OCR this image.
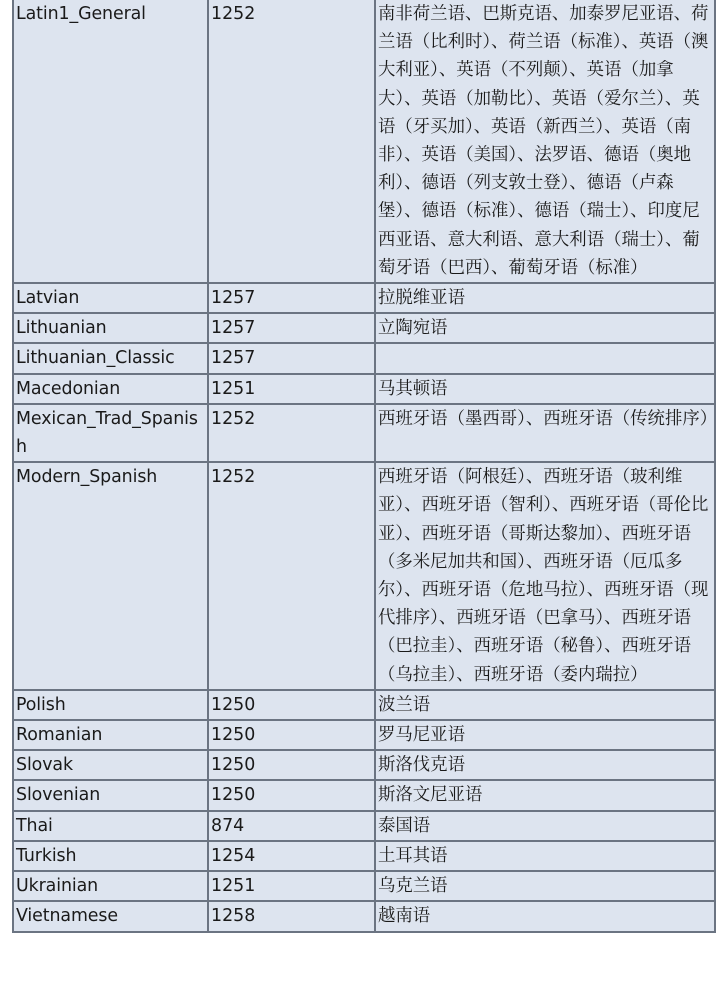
Latin1_General	1252	南非荷兰语、巴斯克语、加泰罗尼亚语、荷兰语（比利时）、荷兰语（标准）、英语（澳大利亚）、英语（不列颠）、英语（加拿大）、英语（加勒比）、英语（爱尔兰）、英语（牙买加）、英语（新西兰）、英语（南非）、英语（美国）、法罗语、德语（奥地利）、德语（列支敦士登）、德语（卢森堡）、德语（标准）、德语（瑞士）、印度尼西亚语、意大利语、意大利语（瑞士）、葡萄牙语（巴西）、葡萄牙语（标准）
Latvian	1257	拉脱维亚语
Lithuanian	1257	立陶宛语
Lithuanian_Classic	1257	
Macedonian	1251	马其顿语
Mexican_Trad_Spanish	1252	西班牙语（墨西哥）、西班牙语（传统排序）
Modern_Spanish	1252	西班牙语（阿根廷）、西班牙语（玻利维亚）、西班牙语（智利）、西班牙语（哥伦比亚）、西班牙语（哥斯达黎加）、西班牙语（多米尼加共和国）、西班牙语（厄瓜多尔）、西班牙语（危地马拉）、西班牙语（现代排序）、西班牙语（巴拿马）、西班牙语（巴拉圭）、西班牙语（秘鲁）、西班牙语（乌拉圭）、西班牙语（委内瑞拉）
Polish	1250	波兰语
Romanian	1250	罗马尼亚语
Slovak	1250	斯洛伐克语
Slovenian	1250	斯洛文尼亚语
Thai	874	泰国语
Turkish	1254	土耳其语
Ukrainian	1251	乌克兰语
Vietnamese	1258	越南语
